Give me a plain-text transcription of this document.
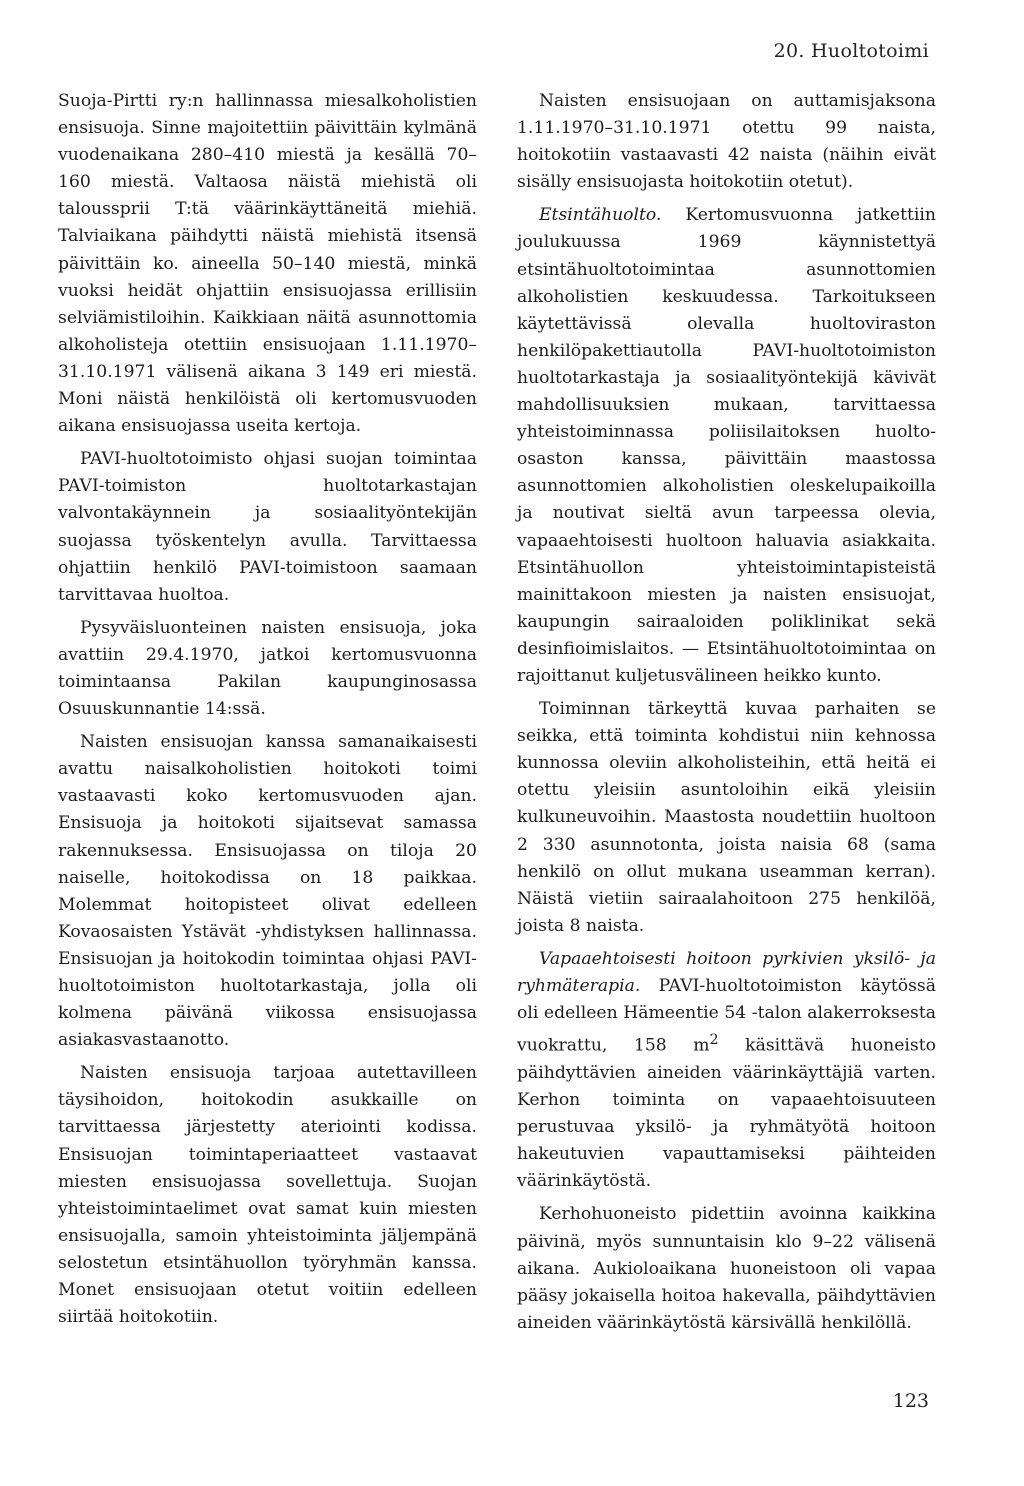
20. Huoltotoimi

Suoja-Pirtti ry:n hallinnassa miesalkoholistien ensisuoja. Sinne majoitettiin päivittäin kylmänä vuodenaikana 280–410 miestä ja kesällä 70–160 miestä. Valtaosa näistä miehistä oli taloussprii T:tä väärinkäyttäneitä miehiä. Talviaikana päihdytti näistä miehistä itsensä päivittäin ko. aineella 50–140 miestä, minkä vuoksi heidät ohjattiin ensisuojassa erillisiin selviämistiloihin. Kaikkiaan näitä asunnottomia alkoholisteja otettiin ensisuojaan 1.11.1970–31.10.1971 välisenä aikana 3 149 eri miestä. Moni näistä henkilöistä oli kertomusvuoden aikana ensisuojassa useita kertoja.

PAVI-huoltotoimisto ohjasi suojan toimintaa PAVI-toimiston huoltotarkastajan valvontakäynnein ja sosiaalityöntekijän suojassa työskentelyn avulla. Tarvittaessa ohjattiin henkilö PAVI-toimistoon saamaan tarvittavaa huoltoa.

Pysyväisluonteinen naisten ensisuoja, joka avattiin 29.4.1970, jatkoi kertomusvuonna toimintaansa Pakilan kaupunginosassa Osuuskunnantie 14:ssä.

Naisten ensisuojan kanssa samanaikaisesti avattu naisalkoholistien hoitokoti toimi vastaavasti koko kertomusvuoden ajan. Ensisuoja ja hoitokoti sijaitsevat samassa rakennuksessa. Ensisuojassa on tiloja 20 naiselle, hoitokodissa on 18 paikkaa. Molemmat hoitopisteet olivat edelleen Kovaosaisten Ystävät -yhdistyksen hallinnassa. Ensisuojan ja hoitokodin toimintaa ohjasi PAVI-huoltotoimiston huoltotarkastaja, jolla oli kolmena päivänä viikossa ensisuojassa asiakasvastaanotto.

Naisten ensisuoja tarjoaa autettavilleen täysihoidon, hoitokodin asukkaille on tarvittaessa järjestetty ateriointi kodissa. Ensisuojan toimintaperiaatteet vastaavat miesten ensisuojassa sovellettuja. Suojan yhteistoimintaelimet ovat samat kuin miesten ensisuojalla, samoin yhteistoiminta jäljempänä selostetun etsintähuollon työryhmän kanssa. Monet ensisuojaan otetut voitiin edelleen siirtää hoitokotiin.

Naisten ensisuojaan on auttamisjaksona 1.11.1970–31.10.1971 otettu 99 naista, hoitokotiin vastaavasti 42 naista (näihin eivät sisälly ensisuojasta hoitokotiin otetut).

Etsintähuolto. Kertomusvuonna jatkettiin joulukuussa 1969 käynnistettyä etsintähuoltotoimintaa asunnottomien alkoholistien keskuudessa. Tarkoitukseen käytettävissä olevalla huoltoviraston henkilöpakettiautolla PAVI-huoltotoimiston huoltotarkastaja ja sosiaalityöntekijä kävivät mahdollisuuksien mukaan, tarvittaessa yhteistoiminnassa poliisilaitoksen huolto-osaston kanssa, päivittäin maastossa asunnottomien alkoholistien oleskelupaikoilla ja noutivat sieltä avun tarpeessa olevia, vapaaehtoisesti huoltoon haluavia asiakkaita. Etsintähuollon yhteistoimintapisteistä mainittakoon miesten ja naisten ensisuojat, kaupungin sairaaloiden poliklinikat sekä desinfioimislaitos. — Etsintähuoltotoimintaa on rajoittanut kuljetusvälineen heikko kunto.

Toiminnan tärkeyttä kuvaa parhaiten se seikka, että toiminta kohdistui niin kehnossa kunnossa oleviin alkoholisteihin, että heitä ei otettu yleisiin asuntoloihin eikä yleisiin kulkuneuvoihin. Maastosta noudettiin huoltoon 2 330 asunnotonta, joista naisia 68 (sama henkilö on ollut mukana useamman kerran). Näistä vietiin sairaalahoitoon 275 henkilöä, joista 8 naista.

Vapaaehtoisesti hoitoon pyrkivien yksilö- ja ryhmäterapia. PAVI-huoltotoimiston käytössä oli edelleen Hämeentie 54 -talon alakerroksesta vuokrattu, 158 $m^2$ käsittävä huoneisto päihdyttävien aineiden väärinkäyttäjiä varten. Kerhon toiminta on vapaaehtoisuuteen perustuvaa yksilö- ja ryhmätyötä hoitoon hakeutuvien vapauttamiseksi päihteiden väärinkäytöstä.

Kerhohuoneisto pidettiin avoinna kaikkina päivinä, myös sunnuntaisin klo 9–22 välisenä aikana. Aukioloaikana huoneistoon oli vapaa pääsy jokaisella hoitoa hakevalla, päihdyttävien aineiden väärinkäytöstä kärsivällä henkilöllä.

123
